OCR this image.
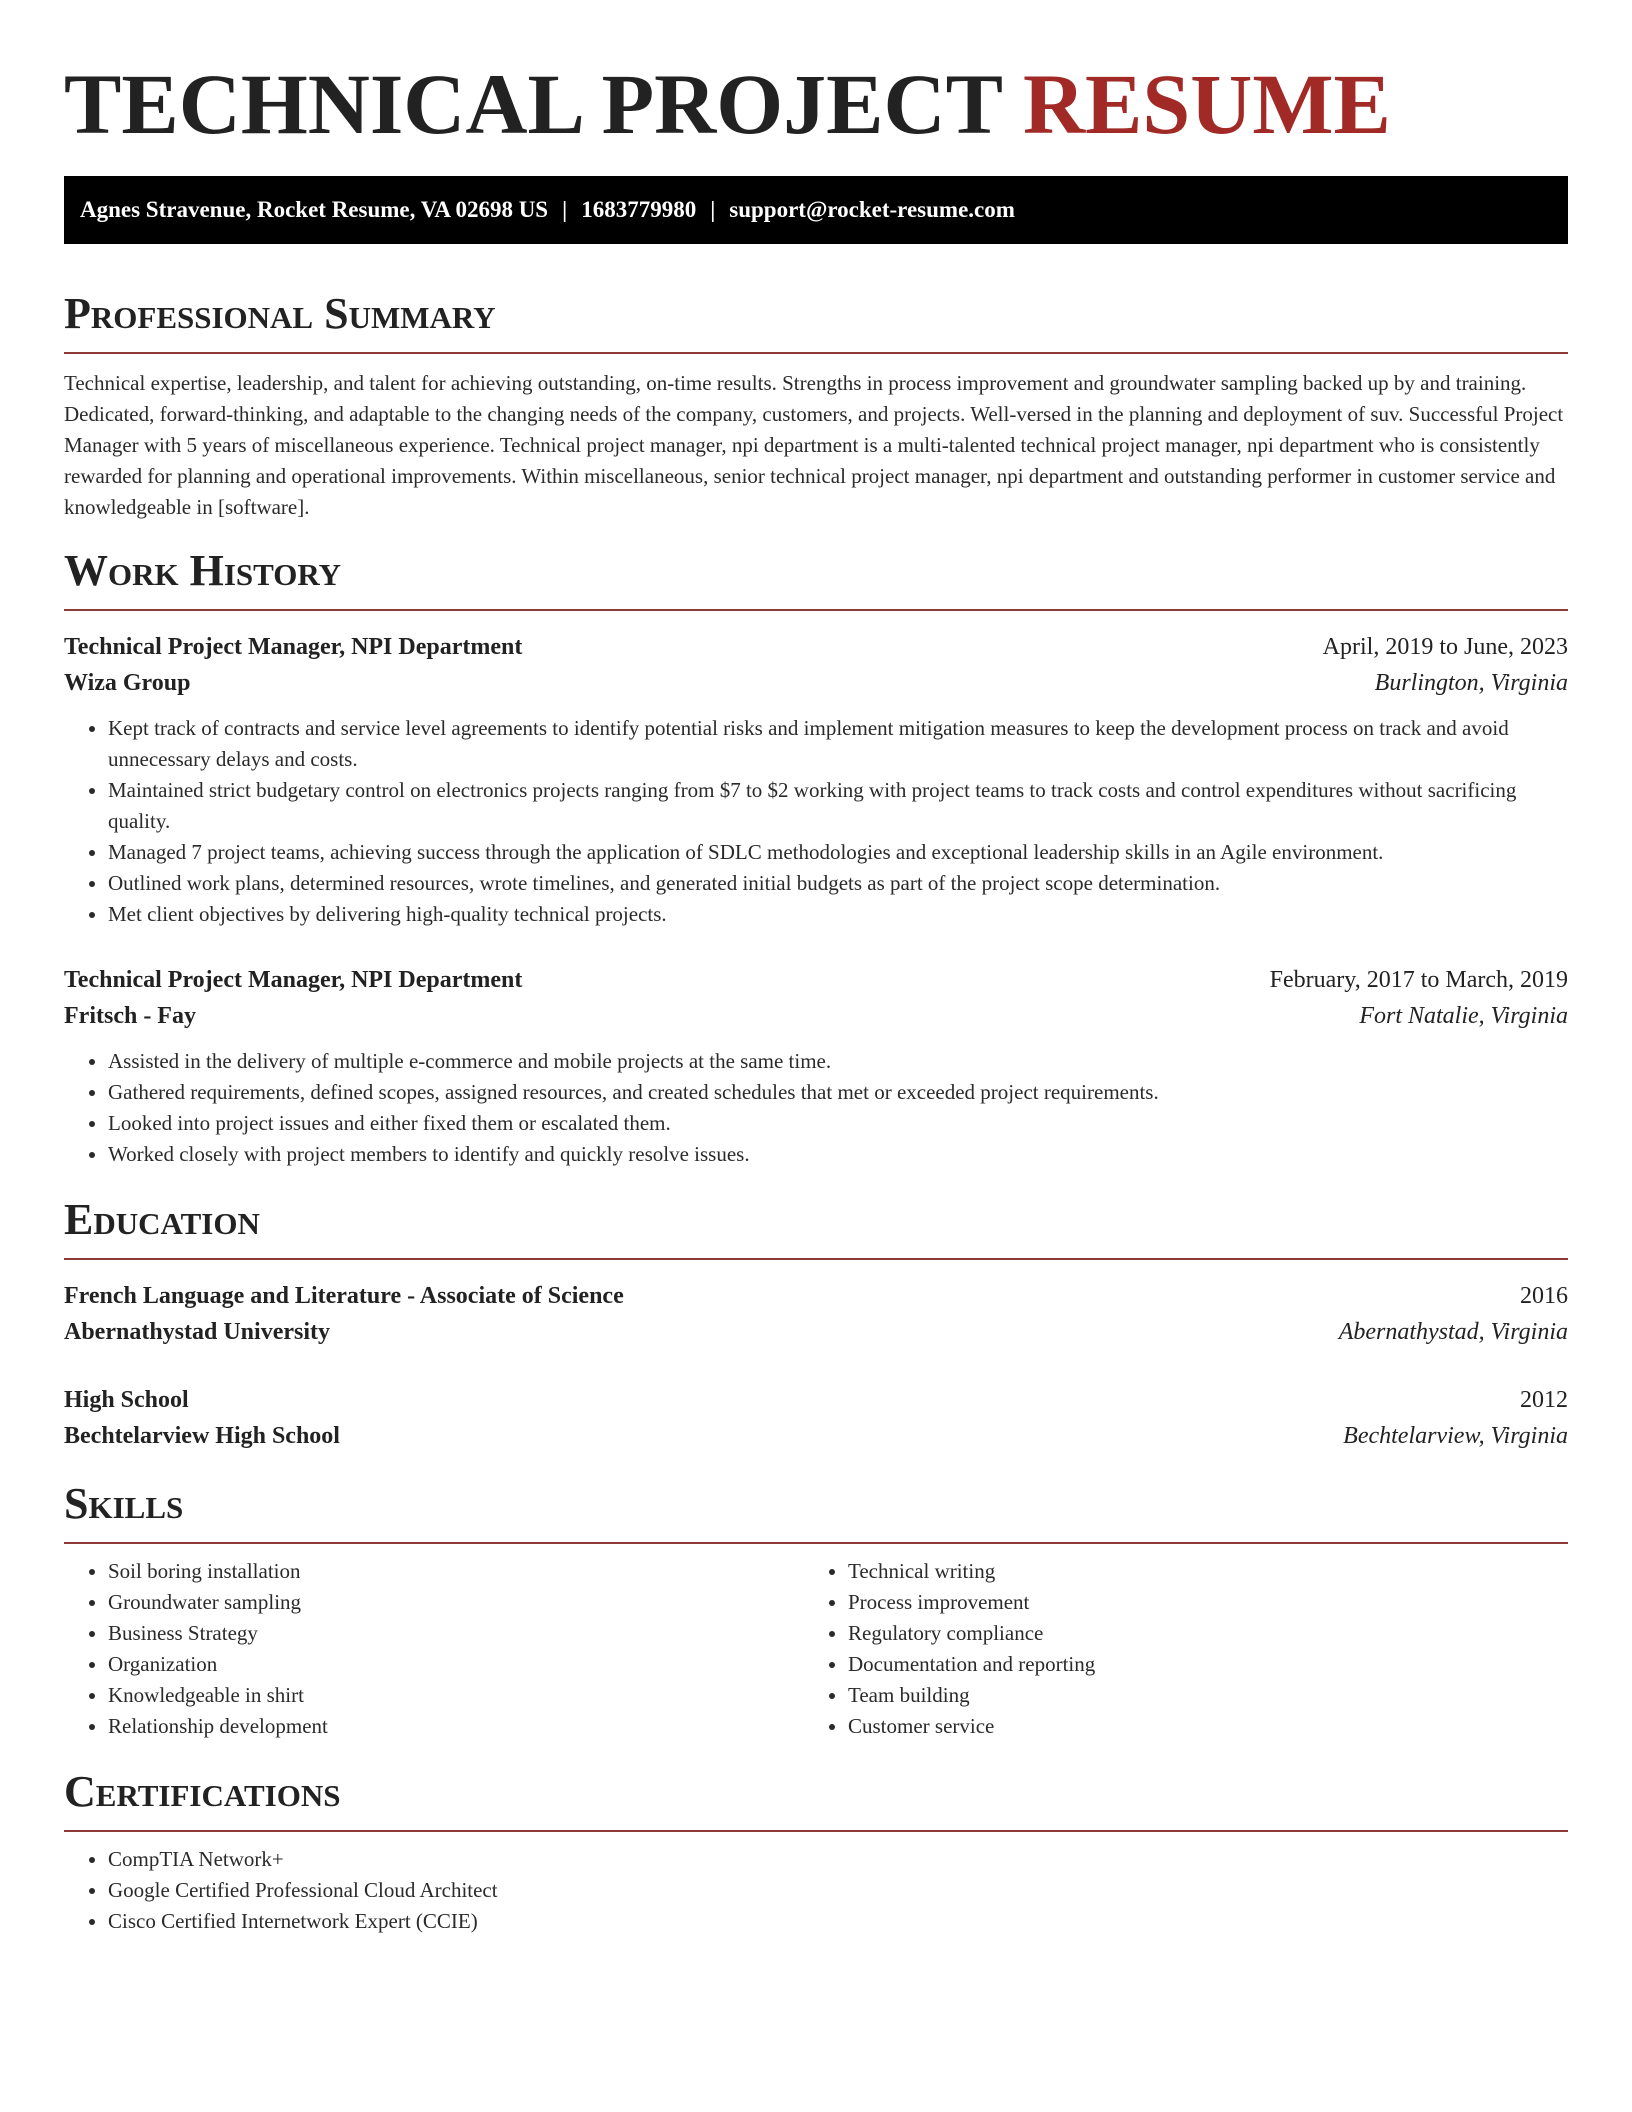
TECHNICAL PROJECT RESUME
Agnes Stravenue, Rocket Resume, VA 02698 US | 1683779980 | support@rocket-resume.com
Professional Summary

Technical expertise, leadership, and talent for achieving outstanding, on-time results. Strengths in process improvement and groundwater sampling backed up by and training. Dedicated, forward-thinking, and adaptable to the changing needs of the company, customers, and projects. Well-versed in the planning and deployment of suv. Successful Project Manager with 5 years of miscellaneous experience. Technical project manager, npi department is a multi-talented technical project manager, npi department who is consistently rewarded for planning and operational improvements. Within miscellaneous, senior technical project manager, npi department and outstanding performer in customer service and knowledgeable in [software].

Work History
Technical Project Manager, NPI Department	April, 2019 to June, 2023
Wiza Group	Burlington, Virginia
• Kept track of contracts and service level agreements to identify potential risks and implement mitigation measures to keep the development process on track and avoid unnecessary delays and costs.
• Maintained strict budgetary control on electronics projects ranging from $7 to $2 working with project teams to track costs and control expenditures without sacrificing quality.
• Managed 7 project teams, achieving success through the application of SDLC methodologies and exceptional leadership skills in an Agile environment.
• Outlined work plans, determined resources, wrote timelines, and generated initial budgets as part of the project scope determination.
• Met client objectives by delivering high-quality technical projects.
Technical Project Manager, NPI Department	February, 2017 to March, 2019
Fritsch - Fay	Fort Natalie, Virginia
• Assisted in the delivery of multiple e-commerce and mobile projects at the same time.
• Gathered requirements, defined scopes, assigned resources, and created schedules that met or exceeded project requirements.
• Looked into project issues and either fixed them or escalated them.
• Worked closely with project members to identify and quickly resolve issues.
Education
French Language and Literature - Associate of Science	2016
Abernathystad University	Abernathystad, Virginia
High School	2012
Bechtelarview High School	Bechtelarview, Virginia
Skills
• Soil boring installation
• Groundwater sampling
• Business Strategy
• Organization
• Knowledgeable in shirt
• Relationship development
• Technical writing
• Process improvement
• Regulatory compliance
• Documentation and reporting
• Team building
• Customer service
Certifications
• CompTIA Network+
• Google Certified Professional Cloud Architect
• Cisco Certified Internetwork Expert (CCIE)
